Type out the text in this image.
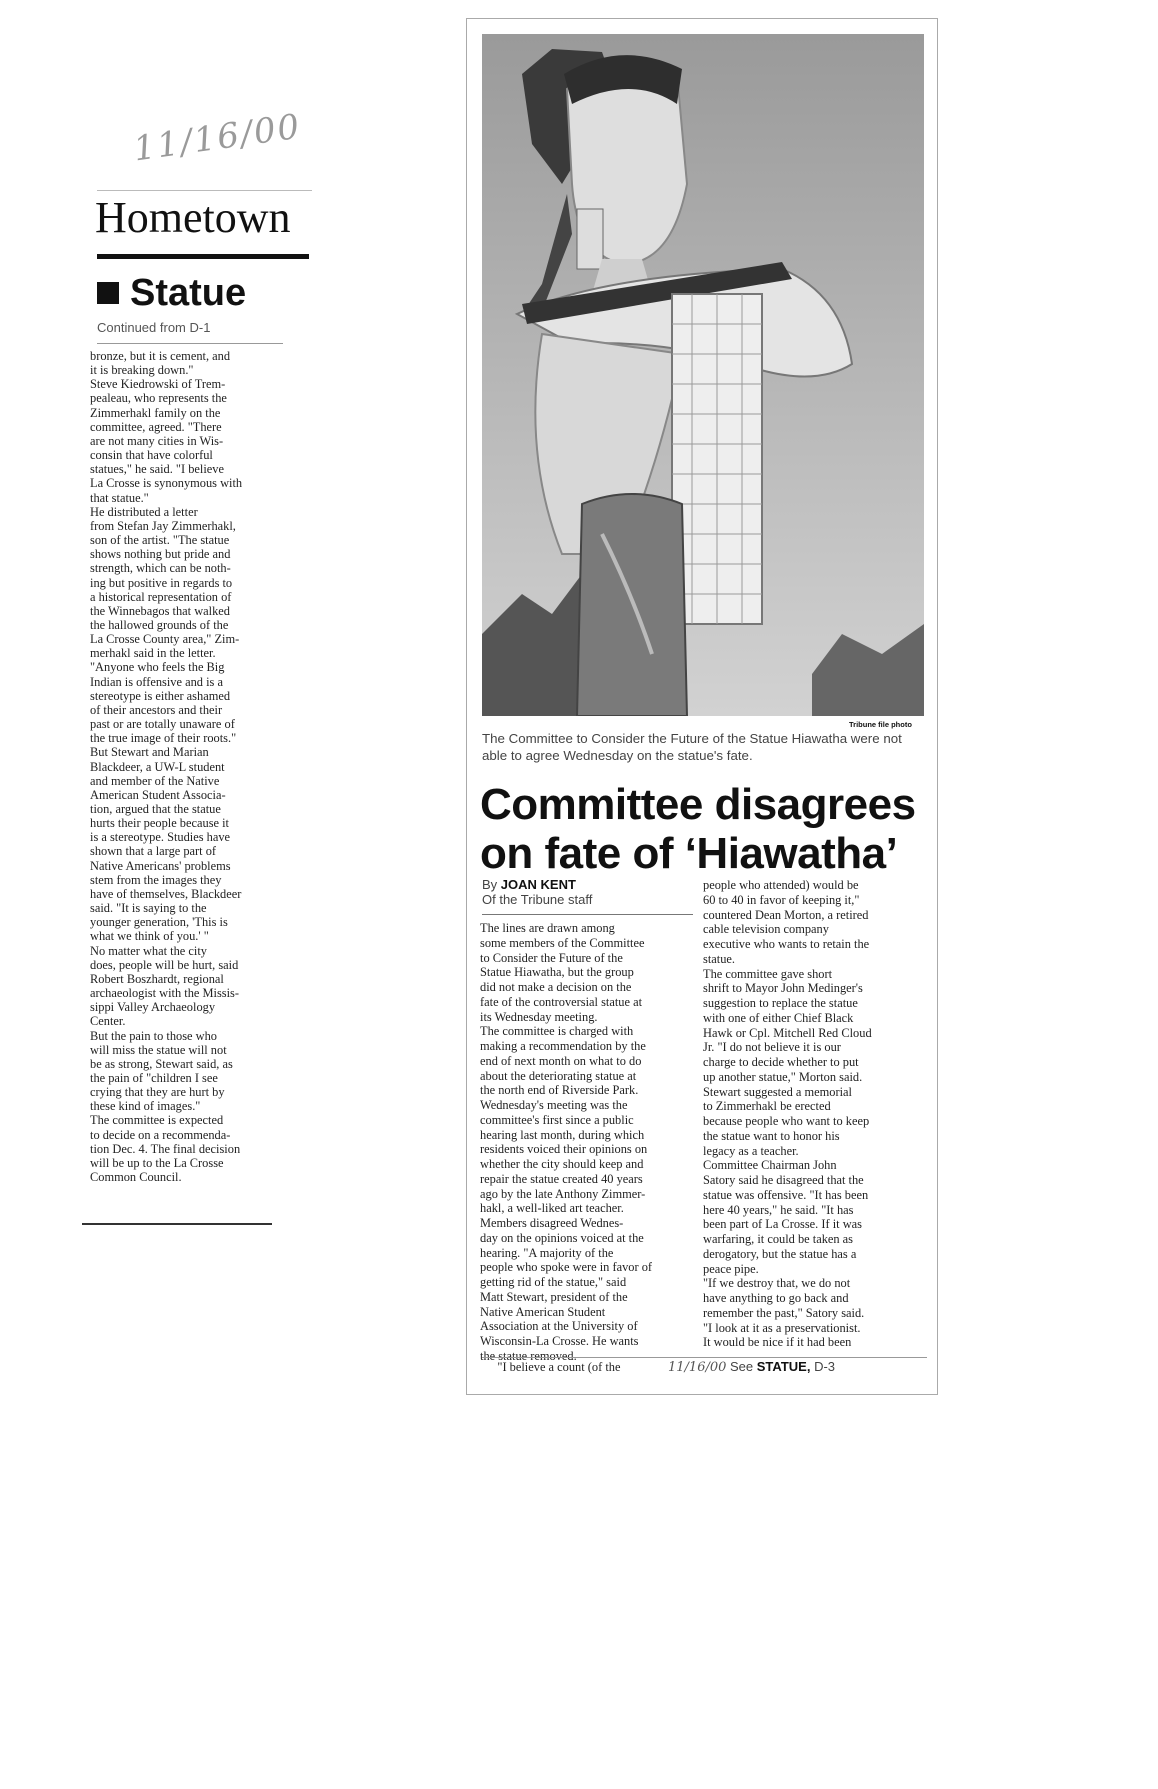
11/16/00
Hometown
Statue
Continued from D-1

bronze, but it is cement, and
it is breaking down."

Steve Kiedrowski of Trem-
pealeau, who represents the
Zimmerhakl family on the
committee, agreed. "There
are not many cities in Wis-
consin that have colorful
statues," he said. "I believe
La Crosse is synonymous with
that statue."

He distributed a letter
from Stefan Jay Zimmerhakl,
son of the artist. "The statue
shows nothing but pride and
strength, which can be noth-
ing but positive in regards to
a historical representation of
the Winnebagos that walked
the hallowed grounds of the
La Crosse County area," Zim-
merhakl said in the letter.
"Anyone who feels the Big
Indian is offensive and is a
stereotype is either ashamed
of their ancestors and their
past or are totally unaware of
the true image of their roots."

But Stewart and Marian
Blackdeer, a UW-L student
and member of the Native
American Student Associa-
tion, argued that the statue
hurts their people because it
is a stereotype. Studies have
shown that a large part of
Native Americans' problems
stem from the images they
have of themselves, Blackdeer
said. "It is saying to the
younger generation, 'This is
what we think of you.' "

No matter what the city
does, people will be hurt, said
Robert Boszhardt, regional
archaeologist with the Missis-
sippi Valley Archaeology
Center.

But the pain to those who
will miss the statue will not
be as strong, Stewart said, as
the pain of "children I see
crying that they are hurt by
these kind of images."

The committee is expected
to decide on a recommenda-
tion Dec. 4. The final decision
will be up to the La Crosse
Common Council.

Tribune file photo
The Committee to Consider the Future of the Statue Hiawatha were not able to agree Wednesday on the statue's fate.
Committee disagrees
on fate of ‘Hiawatha’
By JOAN KENT
Of the Tribune staff

The lines are drawn among
some members of the Committee
to Consider the Future of the
Statue Hiawatha, but the group
did not make a decision on the
fate of the controversial statue at
its Wednesday meeting.

The committee is charged with
making a recommendation by the
end of next month on what to do
about the deteriorating statue at
the north end of Riverside Park.
Wednesday's meeting was the
committee's first since a public
hearing last month, during which
residents voiced their opinions on
whether the city should keep and
repair the statue created 40 years
ago by the late Anthony Zimmer-
hakl, a well-liked art teacher.

Members disagreed Wednes-
day on the opinions voiced at the
hearing. "A majority of the
people who spoke were in favor of
getting rid of the statue," said
Matt Stewart, president of the
Native American Student
Association at the University of
Wisconsin-La Crosse. He wants
the statue removed.

people who attended) would be
60 to 40 in favor of keeping it,"
countered Dean Morton, a retired
cable television company
executive who wants to retain the
statue.

The committee gave short
shrift to Mayor John Medinger's
suggestion to replace the statue
with one of either Chief Black
Hawk or Cpl. Mitchell Red Cloud
Jr. "I do not believe it is our
charge to decide whether to put
up another statue," Morton said.

Stewart suggested a memorial
to Zimmerhakl be erected
because people who want to keep
the statue want to honor his
legacy as a teacher.

Committee Chairman John
Satory said he disagreed that the
statue was offensive. "It has been
here 40 years," he said. "It has
been part of La Crosse. If it was
warfaring, it could be taken as
derogatory, but the statue has a
peace pipe.

"If we destroy that, we do not
have anything to go back and
remember the past," Satory said.
"I look at it as a preservationist.
It would be nice if it had been

"I believe a count (of the	11/16/00 See STATUE, D-3
